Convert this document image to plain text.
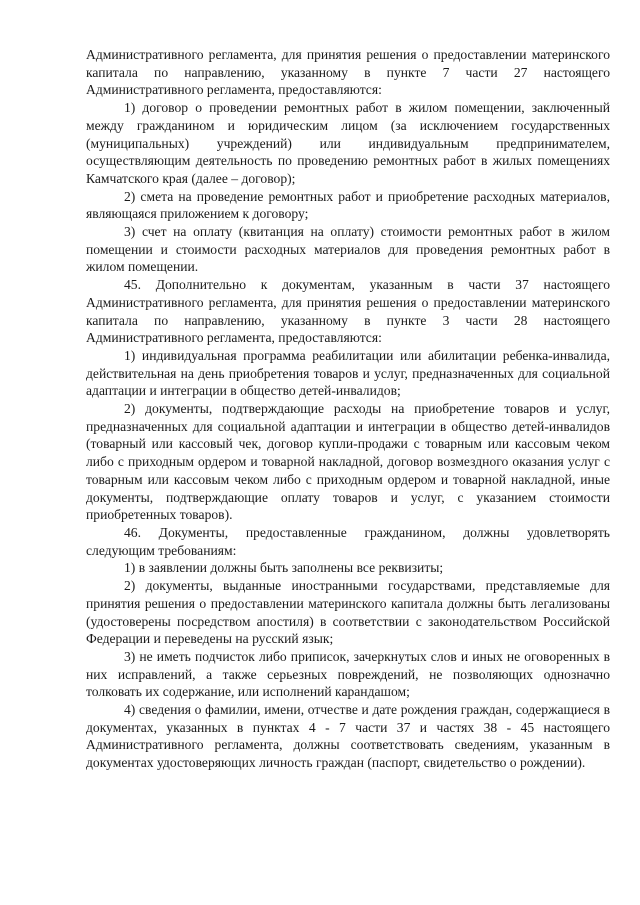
Административного регламента, для принятия решения о предоставлении материнского капитала по направлению, указанному в пункте 7 части 27 настоящего Административного регламента, предоставляются:

1) договор о проведении ремонтных работ в жилом помещении, заключенный между гражданином и юридическим лицом (за исключением государственных (муниципальных) учреждений) или индивидуальным предпринимателем, осуществляющим деятельность по проведению ремонтных работ в жилых помещениях Камчатского края (далее – договор);

2) смета на проведение ремонтных работ и приобретение расходных материалов, являющаяся приложением к договору;

3) счет на оплату (квитанция на оплату) стоимости ремонтных работ в жилом помещении и стоимости расходных материалов для проведения ремонтных работ в жилом помещении.

45. Дополнительно к документам, указанным в части 37 настоящего Административного регламента, для принятия решения о предоставлении материнского капитала по направлению, указанному в пункте 3 части 28 настоящего Административного регламента, предоставляются:

1) индивидуальная программа реабилитации или абилитации ребенка-инвалида, действительная на день приобретения товаров и услуг, предназначенных для социальной адаптации и интеграции в общество детей-инвалидов;

2) документы, подтверждающие расходы на приобретение товаров и услуг, предназначенных для социальной адаптации и интеграции в общество детей-инвалидов (товарный или кассовый чек, договор купли-продажи с товарным или кассовым чеком либо с приходным ордером и товарной накладной, договор возмездного оказания услуг с товарным или кассовым чеком либо с приходным ордером и товарной накладной, иные документы, подтверждающие оплату товаров и услуг, с указанием стоимости приобретенных товаров).

46. Документы, предоставленные гражданином, должны удовлетворять следующим требованиям:

1) в заявлении должны быть заполнены все реквизиты;

2) документы, выданные иностранными государствами, представляемые для принятия решения о предоставлении материнского капитала должны быть легализованы (удостоверены посредством апостиля) в соответствии с законодательством Российской Федерации и переведены на русский язык;

3) не иметь подчисток либо приписок, зачеркнутых слов и иных не оговоренных в них исправлений, а также серьезных повреждений, не позволяющих однозначно толковать их содержание, или исполнений карандашом;

4) сведения о фамилии, имени, отчестве и дате рождения граждан, содержащиеся в документах, указанных в пунктах 4 - 7 части 37 и частях 38 - 45 настоящего Административного регламента, должны соответствовать сведениям, указанным в документах удостоверяющих личность граждан (паспорт, свидетельство о рождении).
